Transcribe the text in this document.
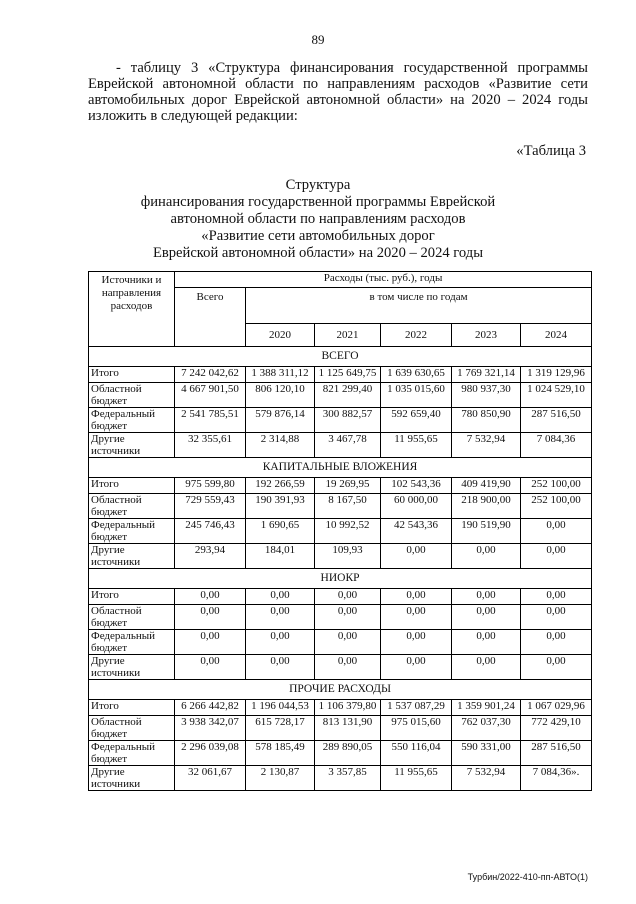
89
- таблицу 3 «Структура финансирования государственной программы Еврейской автономной области по направлениям расходов «Развитие сети автомобильных дорог Еврейской автономной области» на 2020 – 2024 годы изложить в следующей редакции:
«Таблица 3
Структура
финансирования государственной программы Еврейской
автономной области по направлениям расходов
«Развитие сети автомобильных дорог
Еврейской автономной области» на 2020 – 2024 годы
Источники и направления расходов	Расходы (тыс. руб.), годы					
	Всего	в том числе по годам				
		2020	2021	2022	2023	2024
ВСЕГО						
Итого	7 242 042,62	1 388 311,12	1 125 649,75	1 639 630,65	1 769 321,14	1 319 129,96
Областной бюджет	4 667 901,50	806 120,10	821 299,40	1 035 015,60	980 937,30	1 024 529,10
Федеральный бюджет	2 541 785,51	579 876,14	300 882,57	592 659,40	780 850,90	287 516,50
Другие источники	32 355,61	2 314,88	3 467,78	11 955,65	7 532,94	7 084,36
КАПИТАЛЬНЫЕ ВЛОЖЕНИЯ						
Итого	975 599,80	192 266,59	19 269,95	102 543,36	409 419,90	252 100,00
Областной бюджет	729 559,43	190 391,93	8 167,50	60 000,00	218 900,00	252 100,00
Федеральный бюджет	245 746,43	1 690,65	10 992,52	42 543,36	190 519,90	0,00
Другие источники	293,94	184,01	109,93	0,00	0,00	0,00
НИОКР						
Итого	0,00	0,00	0,00	0,00	0,00	0,00
Областной бюджет	0,00	0,00	0,00	0,00	0,00	0,00
Федеральный бюджет	0,00	0,00	0,00	0,00	0,00	0,00
Другие источники	0,00	0,00	0,00	0,00	0,00	0,00
ПРОЧИЕ РАСХОДЫ						
Итого	6 266 442,82	1 196 044,53	1 106 379,80	1 537 087,29	1 359 901,24	1 067 029,96
Областной бюджет	3 938 342,07	615 728,17	813 131,90	975 015,60	762 037,30	772 429,10
Федеральный бюджет	2 296 039,08	578 185,49	289 890,05	550 116,04	590 331,00	287 516,50
Другие источники	32 061,67	2 130,87	3 357,85	11 955,65	7 532,94	7 084,36».
Турбин/2022-410-пп-АВТО(1)
